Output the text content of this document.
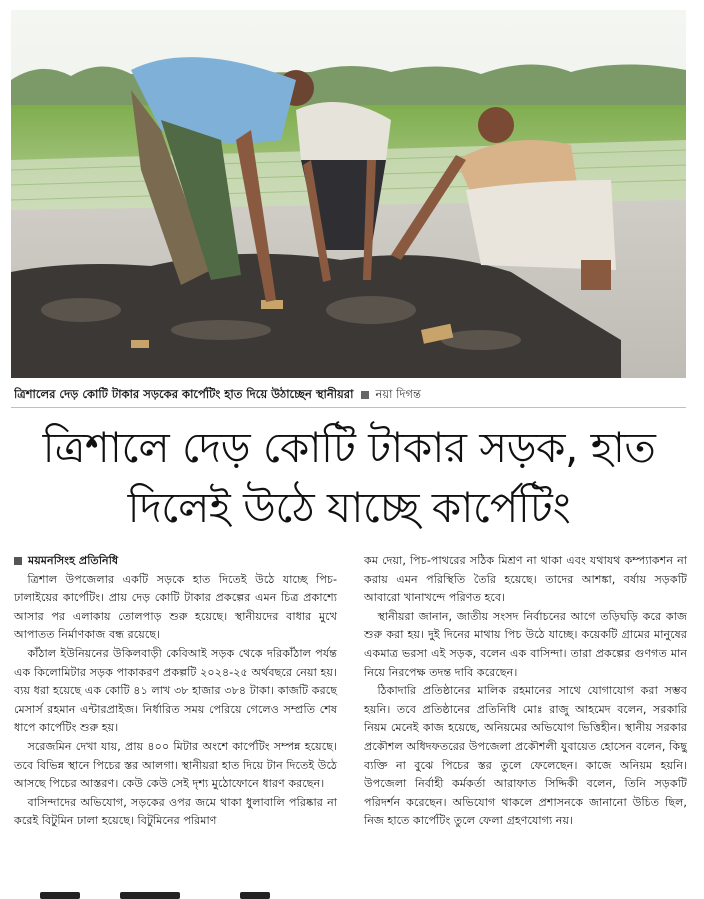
ত্রিশালের দেড় কোটি টাকার সড়কের কার্পেটিং হাত দিয়ে উঠাচ্ছেন স্থানীয়রা নয়া দিগন্ত
ত্রিশালে দেড় কোটি টাকার সড়ক, হাত
দিলেই উঠে যাচ্ছে কার্পেটিং

ময়মনসিংহ প্রতিনিধি

ত্রিশাল উপজেলার একটি সড়কে হাত দিতেই উঠে যাচ্ছে পিচ-ঢালাইয়ের কার্পেটিং। প্রায় দেড় কোটি টাকার প্রকল্পের এমন চিত্র প্রকাশ্যে আসার পর এলাকায় তোলপাড় শুরু হয়েছে। স্থানীয়দের বাধার মুখে আপাতত নির্মাণকাজ বন্ধ রয়েছে।

কাঁঠাল ইউনিয়নের উকিলবাড়ী কেবিআই সড়ক থেকে দরিকাঁঠাল পর্যন্ত এক কিলোমিটার সড়ক পাকাকরণ প্রকল্পটি ২০২৪-২৫ অর্থবছরে নেয়া হয়। ব্যয় ধরা হয়েছে এক কোটি ৪১ লাখ ৩৮ হাজার ৩৮৪ টাকা। কাজটি করছে মেসার্স রহমান এন্টারপ্রাইজ। নির্ধারিত সময় পেরিয়ে গেলেও সম্প্রতি শেষ ধাপে কার্পেটিং শুরু হয়।

সরেজমিন দেখা যায়, প্রায় ৪০০ মিটার অংশে কার্পেটিং সম্পন্ন হয়েছে। তবে বিভিন্ন স্থানে পিচের স্তর আলগা। স্থানীয়রা হাত দিয়ে টান দিতেই উঠে আসছে পিচের আস্তরণ। কেউ কেউ সেই দৃশ্য মুঠোফোনে ধারণ করছেন।

বাসিন্দাদের অভিযোগ, সড়কের ওপর জমে থাকা ধুলাবালি পরিষ্কার না করেই বিটুমিন ঢালা হয়েছে। বিটুমিনের পরিমাণ

কম দেয়া, পিচ-পাথরের সঠিক মিশ্রণ না থাকা এবং যথাযথ কম্প্যাকশন না করায় এমন পরিস্থিতি তৈরি হয়েছে। তাদের আশঙ্কা, বর্ষায় সড়কটি আবারো খানাখন্দে পরিণত হবে।

স্থানীয়রা জানান, জাতীয় সংসদ নির্বাচনের আগে তড়িঘড়ি করে কাজ শুরু করা হয়। দুই দিনের মাথায় পিচ উঠে যাচ্ছে। কয়েকটি গ্রামের মানুষের একমাত্র ভরসা এই সড়ক, বলেন এক বাসিন্দা। তারা প্রকল্পের গুণগত মান নিয়ে নিরপেক্ষ তদন্ত দাবি করেছেন।

ঠিকাদারি প্রতিষ্ঠানের মালিক রহমানের সাথে যোগাযোগ করা সম্ভব হয়নি। তবে প্রতিষ্ঠানের প্রতিনিধি মোঃ রাজু আহমেদ বলেন, সরকারি নিয়ম মেনেই কাজ হয়েছে, অনিয়মের অভিযোগ ভিত্তিহীন। স্থানীয় সরকার প্রকৌশল অধিদফতরের উপজেলা প্রকৌশলী যুবায়েত হোসেন বলেন, কিছু ব্যক্তি না বুঝে পিচের স্তর তুলে ফেলেছেন। কাজে অনিয়ম হয়নি। উপজেলা নির্বাহী কর্মকর্তা আরাফাত সিদ্দিকী বলেন, তিনি সড়কটি পরিদর্শন করেছেন। অভিযোগ থাকলে প্রশাসনকে জানানো উচিত ছিল, নিজ হাতে কার্পেটিং তুলে ফেলা গ্রহণযোগ্য নয়।
